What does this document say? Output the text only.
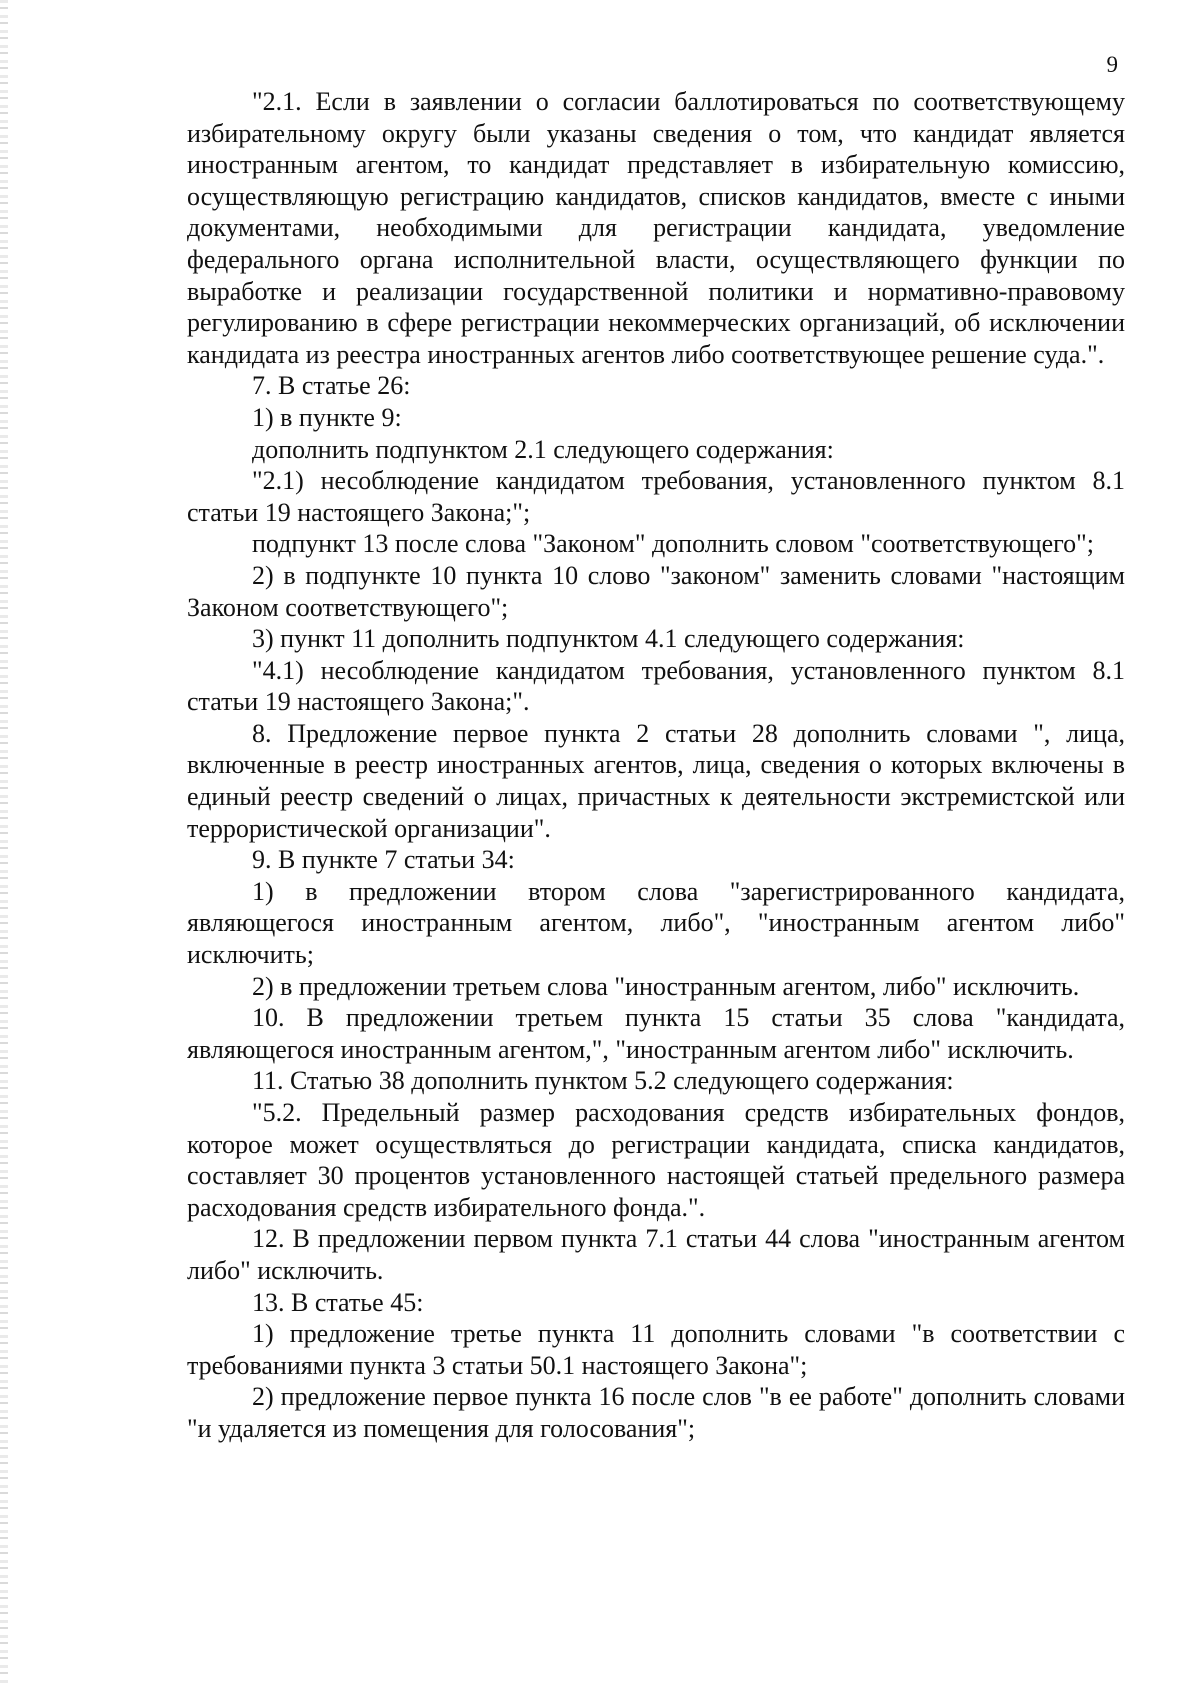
9

"2.1. Если в заявлении о согласии баллотироваться по соответствующему избирательному округу были указаны сведения о том, что кандидат является иностранным агентом, то кандидат представляет в избирательную комиссию, осуществляющую регистрацию кандидатов, списков кандидатов, вместе с иными документами, необходимыми для регистрации кандидата, уведомление федерального органа исполнительной власти, осуществляющего функции по выработке и реализации государственной политики и нормативно-правовому регулированию в сфере регистрации некоммерческих организаций, об исключении кандидата из реестра иностранных агентов либо соответствующее решение суда.".

7. В статье 26:

1) в пункте 9:

дополнить подпунктом 2.1 следующего содержания:

"2.1) несоблюдение кандидатом требования, установленного пунктом 8.1 статьи 19 настоящего Закона;";

подпункт 13 после слова "Законом" дополнить словом "соответствующего";

2) в подпункте 10 пункта 10 слово "законом" заменить словами "настоящим Законом соответствующего";

3) пункт 11 дополнить подпунктом 4.1 следующего содержания:

"4.1) несоблюдение кандидатом требования, установленного пунктом 8.1 статьи 19 настоящего Закона;".

8. Предложение первое пункта 2 статьи 28 дополнить словами ", лица, включенные в реестр иностранных агентов, лица, сведения о которых включены в единый реестр сведений о лицах, причастных к деятельности экстремистской или террористической организации".

9. В пункте 7 статьи 34:

1) в предложении втором слова "зарегистрированного кандидата, являющегося иностранным агентом, либо", "иностранным агентом либо" исключить;

2) в предложении третьем слова "иностранным агентом, либо" исключить.

10. В предложении третьем пункта 15 статьи 35 слова "кандидата, являющегося иностранным агентом,", "иностранным агентом либо" исключить.

11. Статью 38 дополнить пунктом 5.2 следующего содержания:

"5.2. Предельный размер расходования средств избирательных фондов, которое может осуществляться до регистрации кандидата, списка кандидатов, составляет 30 процентов установленного настоящей статьей предельного размера расходования средств избирательного фонда.".

12. В предложении первом пункта 7.1 статьи 44 слова "иностранным агентом либо" исключить.

13. В статье 45:

1) предложение третье пункта 11 дополнить словами "в соответствии с требованиями пункта 3 статьи 50.1 настоящего Закона";

2) предложение первое пункта 16 после слов "в ее работе" дополнить словами "и удаляется из помещения для голосования";
